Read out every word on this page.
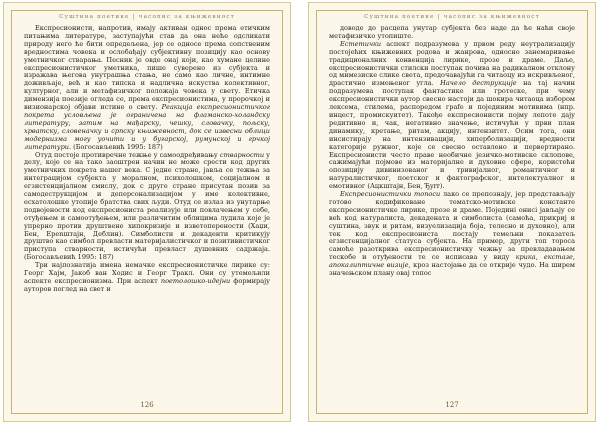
Суштина поетике | часопис за књижевност

Експресионисти, напротив, имају активан однос према етичким питањима литературе, заступајући став да она неће одсликати природу него ће бити опредељена, јер се односе према сопственим вредностима човека и ослобађају субјективну позицију као основу уметничког стварања. Песник је овде онај који, као хумане целине експресионистичког уметника, пише суверено из субјекта и изражава његова унутрашња стања, не само као личне, интимне доживљаје, већ и као типска и надлична искуства колективног, културног, али и метафизичког положаја човека у свету. Етичка димензија поезије огледа се, према експресионистима, у пророчкој и визионарској објави истине о свету. Реакција експресионистичког покрета условљена је ограничена на фламанско-холандску литературу, затим на мађарску, чешку, словачку, пољску, хрватску, словеначку и српску књижевност, док се извесни облици модернизма могу уочити и у бугарској, румунској и грчкој литератури. (Богосављевић 1995: 187)

Отуд постоје противречне тежње у самоодређивању стварности у делу, које се на тако заоштрен начин не може срести код других уметничких покрета нашег века. С једне стране, јавља се тежња за интеграцијом субјекта у моралном, психолошком, социјалном и егзистенцијалном смислу, док с друге стране присутан позив за самодеструкцијом и деперсонализацијом у име колективне, есхатолошке утопије братства свих људи. Отуд се излаз из унутарње подвојености код експресиониста реализује или повлачењем у себе, отуђењем и самоотуђењем, или различитим облицима лудила које је упрерно против друштвене хипокризије и изветоперености (Хаџи, Бен, Ерenштајн, Дeблин). Симболисти и декаденти критикују друштво као симбол превласти материјалистичког и позитивистичког приступа стварности, истичући превласт душевних садржаја. (Богосављевић 1995: 187)

Три најпознатија имена немачке експресионистичке лирике су: Георг Хајм, Јакоб ван Ходис и Георг Тракл. Они су утемељили аспекте експресионизма. При аспект поетолошко-идејни формирају ауторов поглед на свет и

126
Суштина поетике | часопис за књижевност

доводе до расцепа унутар субјекта без наде да ће наћи своје метафизичко утопиште.

Естетички аспект подразумева у првом реду неутрализацију постојећих књижевних родова и жанрова, односно занемаривање традиционалних конвенција лирике, прозе и драме. Даље, експресионистички стилски поступак почива на радикалном отклону од мимезиске слике света, предочавајући га читаоцу из искривљеног, драстично измењеног угла. Начело деструкције на тај начин подразумева поступак фантастике или гротеске, при чему експресионистички аутор свесно настоји да шокира читаоца избором лексема, стилема, распоредом граfe и појединим мотивима (нпр. инцест, промискуитет). Такође експресионисти појму лепоте дају редитивно и, чак, негативно значење, истичући у први план динамику, кретање, ритам, акцију, интензитет. Осим тога, они инсистирају на интензивацији, хиперболизацији, вредности категорије ружног, које се свесно оставлено и первертирано. Експресионисти често праве необичне језичко-мотивске склопове, сажимајући појмове из материјалне и духовне сфере, користећи опозицију дивинизованог и тривијалног, романтичног и натуралистичког, поетског и фактографског, интелектуалног и емотивног (Ацкштаjн, Бен, Ђуrr).

Експресионистички топоси лако се препознају, јер представљају готово кодификоване тематско-мотивске константе експресионистичке лирике, прозе и драме. Појединi онисi јављају се већ код натуралиста, декадената и симболиста (самоћа, прикриј и суштина, звук и ритам, визуелизација боја, телесно и духовно), али тек код експресиониста постају темељни показатељ егзистенцијалног статуса субјекта. На пример, други топ тopoса самоће разоткрива експресионистичку чежњу за превладавањем тескобе и отуђености те се исписава у виду крика, екстазе, апокалиптичне визије, кроз настојање да се открије чудо. На ширем значењском плану овај топос

127
